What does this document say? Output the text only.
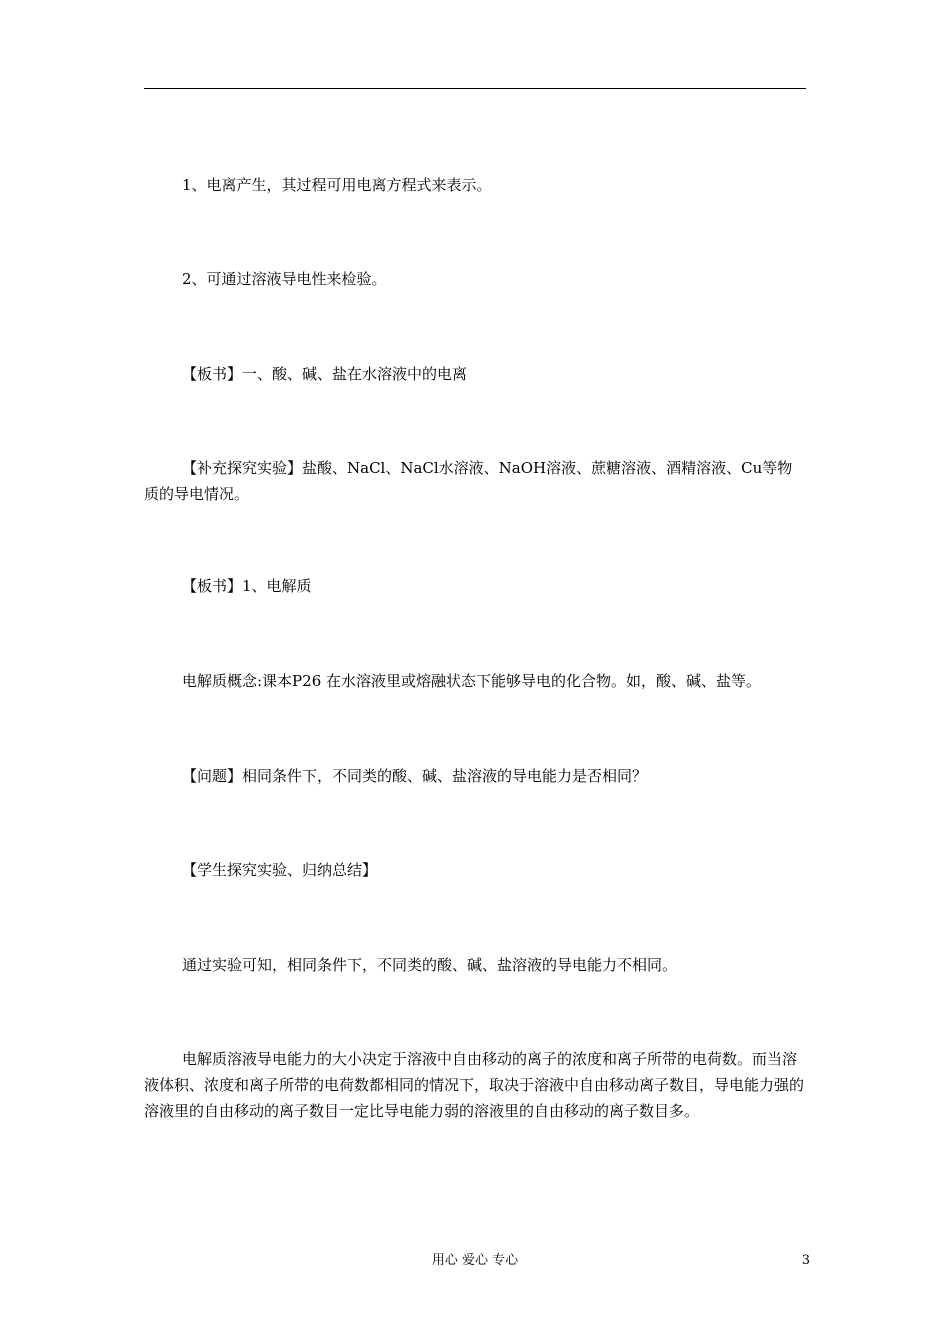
1、电离产生，其过程可用电离方程式来表示。

2、可通过溶液导电性来检验。

【板书】一、酸、碱、盐在水溶液中的电离

【补充探究实验】盐酸、NaCl、NaCl水溶液、NaOH溶液、蔗糖溶液、酒精溶液、Cu等物质的导电情况。

【板书】1、电解质

电解质概念:课本P26 在水溶液里或熔融状态下能够导电的化合物。如，酸、碱、盐等。

【问题】相同条件下，不同类的酸、碱、盐溶液的导电能力是否相同？

【学生探究实验、归纳总结】

通过实验可知，相同条件下，不同类的酸、碱、盐溶液的导电能力不相同。

电解质溶液导电能力的大小决定于溶液中自由移动的离子的浓度和离子所带的电荷数。而当溶液体积、浓度和离子所带的电荷数都相同的情况下，取决于溶液中自由移动离子数目，导电能力强的溶液里的自由移动的离子数目一定比导电能力弱的溶液里的自由移动的离子数目多。

用心 爱心 专心	3
